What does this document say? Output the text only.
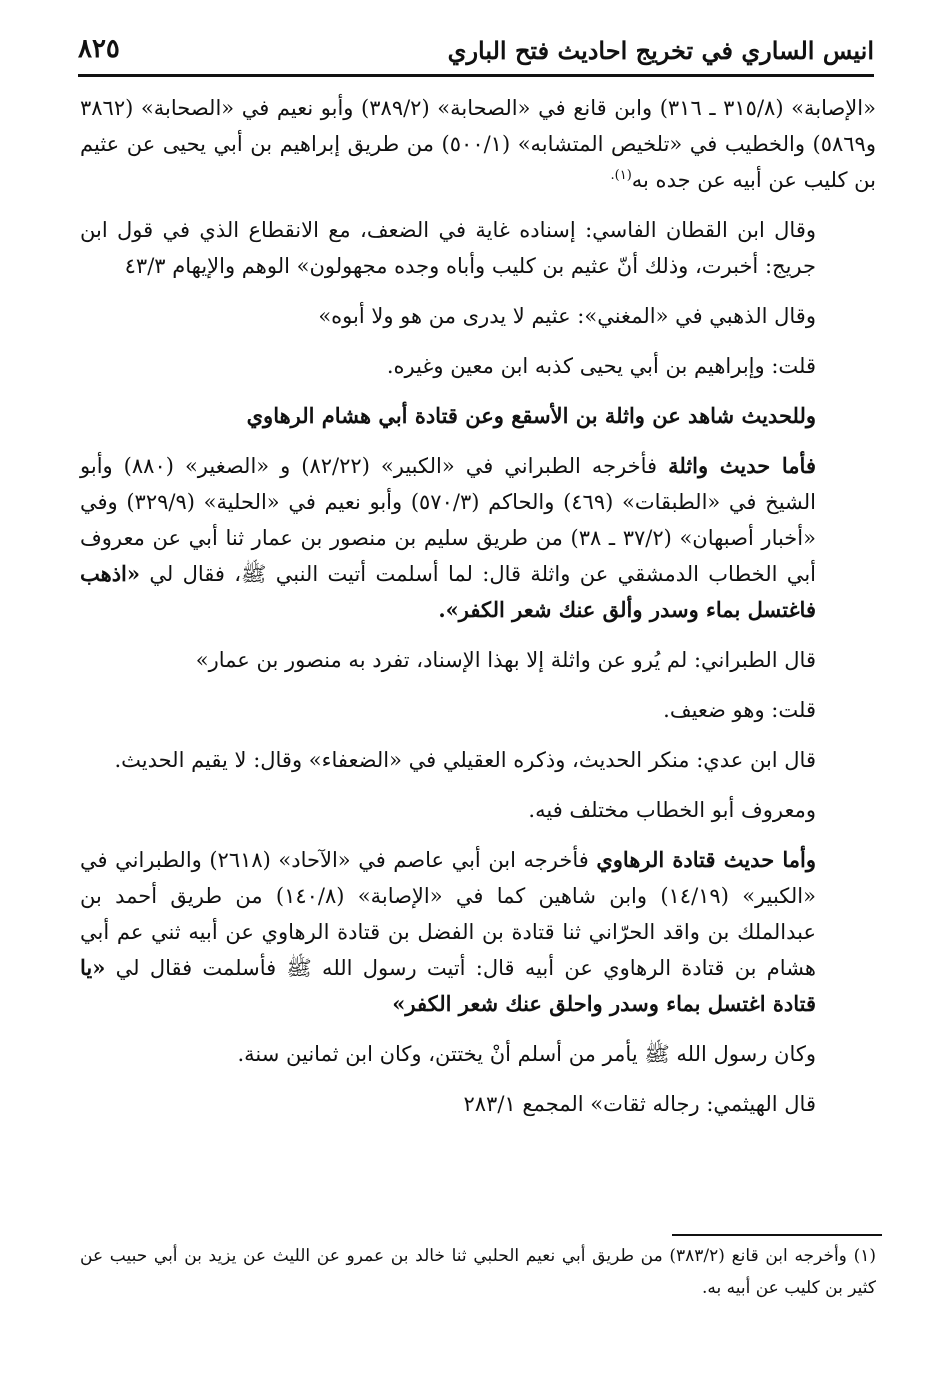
انيس الساري في تخريج احاديث فتح الباري
٨٢٥

«الإصابة» (٣١٥/٨ ـ ٣١٦) وابن قانع في «الصحابة» (٣٨٩/٢) وأبو نعيم في «الصحابة» (٣٨٦٢ و٥٨٦٩) والخطيب في «تلخيص المتشابه» (٥٠٠/١) من طريق إبراهيم بن أبي يحيى عن عثيم بن كليب عن أبيه عن جده به$^{(١).}$

وقال ابن القطان الفاسي: إسناده غاية في الضعف، مع الانقطاع الذي في قول ابن جريج: أخبرت، وذلك أنّ عثيم بن كليب وأباه وجده مجهولون» الوهم والإيهام ٤٣/٣

وقال الذهبي في «المغني»: عثيم لا يدرى من هو ولا أبوه»

قلت: وإبراهيم بن أبي يحيى كذبه ابن معين وغيره.

وللحديث شاهد عن واثلة بن الأسقع وعن قتادة أبي هشام الرهاوي

فأما حديث واثلة فأخرجه الطبراني في «الكبير» (٨٢/٢٢) و «الصغير» (٨٨٠) وأبو الشيخ في «الطبقات» (٤٦٩) والحاكم (٥٧٠/٣) وأبو نعيم في «الحلية» (٣٢٩/٩) وفي «أخبار أصبهان» (٣٧/٢ ـ ٣٨) من طريق سليم بن منصور بن عمار ثنا أبي عن معروف أبي الخطاب الدمشقي عن واثلة قال: لما أسلمت أتيت النبي ﷺ، فقال لي «اذهب فاغتسل بماء وسدر وألق عنك شعر الكفر».

قال الطبراني: لم يُرو عن واثلة إلا بهذا الإسناد، تفرد به منصور بن عمار»

قلت: وهو ضعيف.

قال ابن عدي: منكر الحديث، وذكره العقيلي في «الضعفاء» وقال: لا يقيم الحديث.

ومعروف أبو الخطاب مختلف فيه.

وأما حديث قتادة الرهاوي فأخرجه ابن أبي عاصم في «الآحاد» (٢٦١٨) والطبراني في «الكبير» (١٤/١٩) وابن شاهين كما في «الإصابة» (١٤٠/٨) من طريق أحمد بن عبدالملك بن واقد الحرّاني ثنا قتادة بن الفضل بن قتادة الرهاوي عن أبيه ثني عم أبي هشام بن قتادة الرهاوي عن أبيه قال: أتيت رسول الله ﷺ فأسلمت فقال لي «يا قتادة اغتسل بماء وسدر واحلق عنك شعر الكفر»

وكان رسول الله ﷺ يأمر من أسلم أنْ يختتن، وكان ابن ثمانين سنة.

قال الهيثمي: رجاله ثقات» المجمع ٢٨٣/١

(١) وأخرجه ابن قانع (٣٨٣/٢) من طريق أبي نعيم الحلبي ثنا خالد بن عمرو عن الليث عن يزيد بن أبي حبيب عن كثير بن كليب عن أبيه به.
